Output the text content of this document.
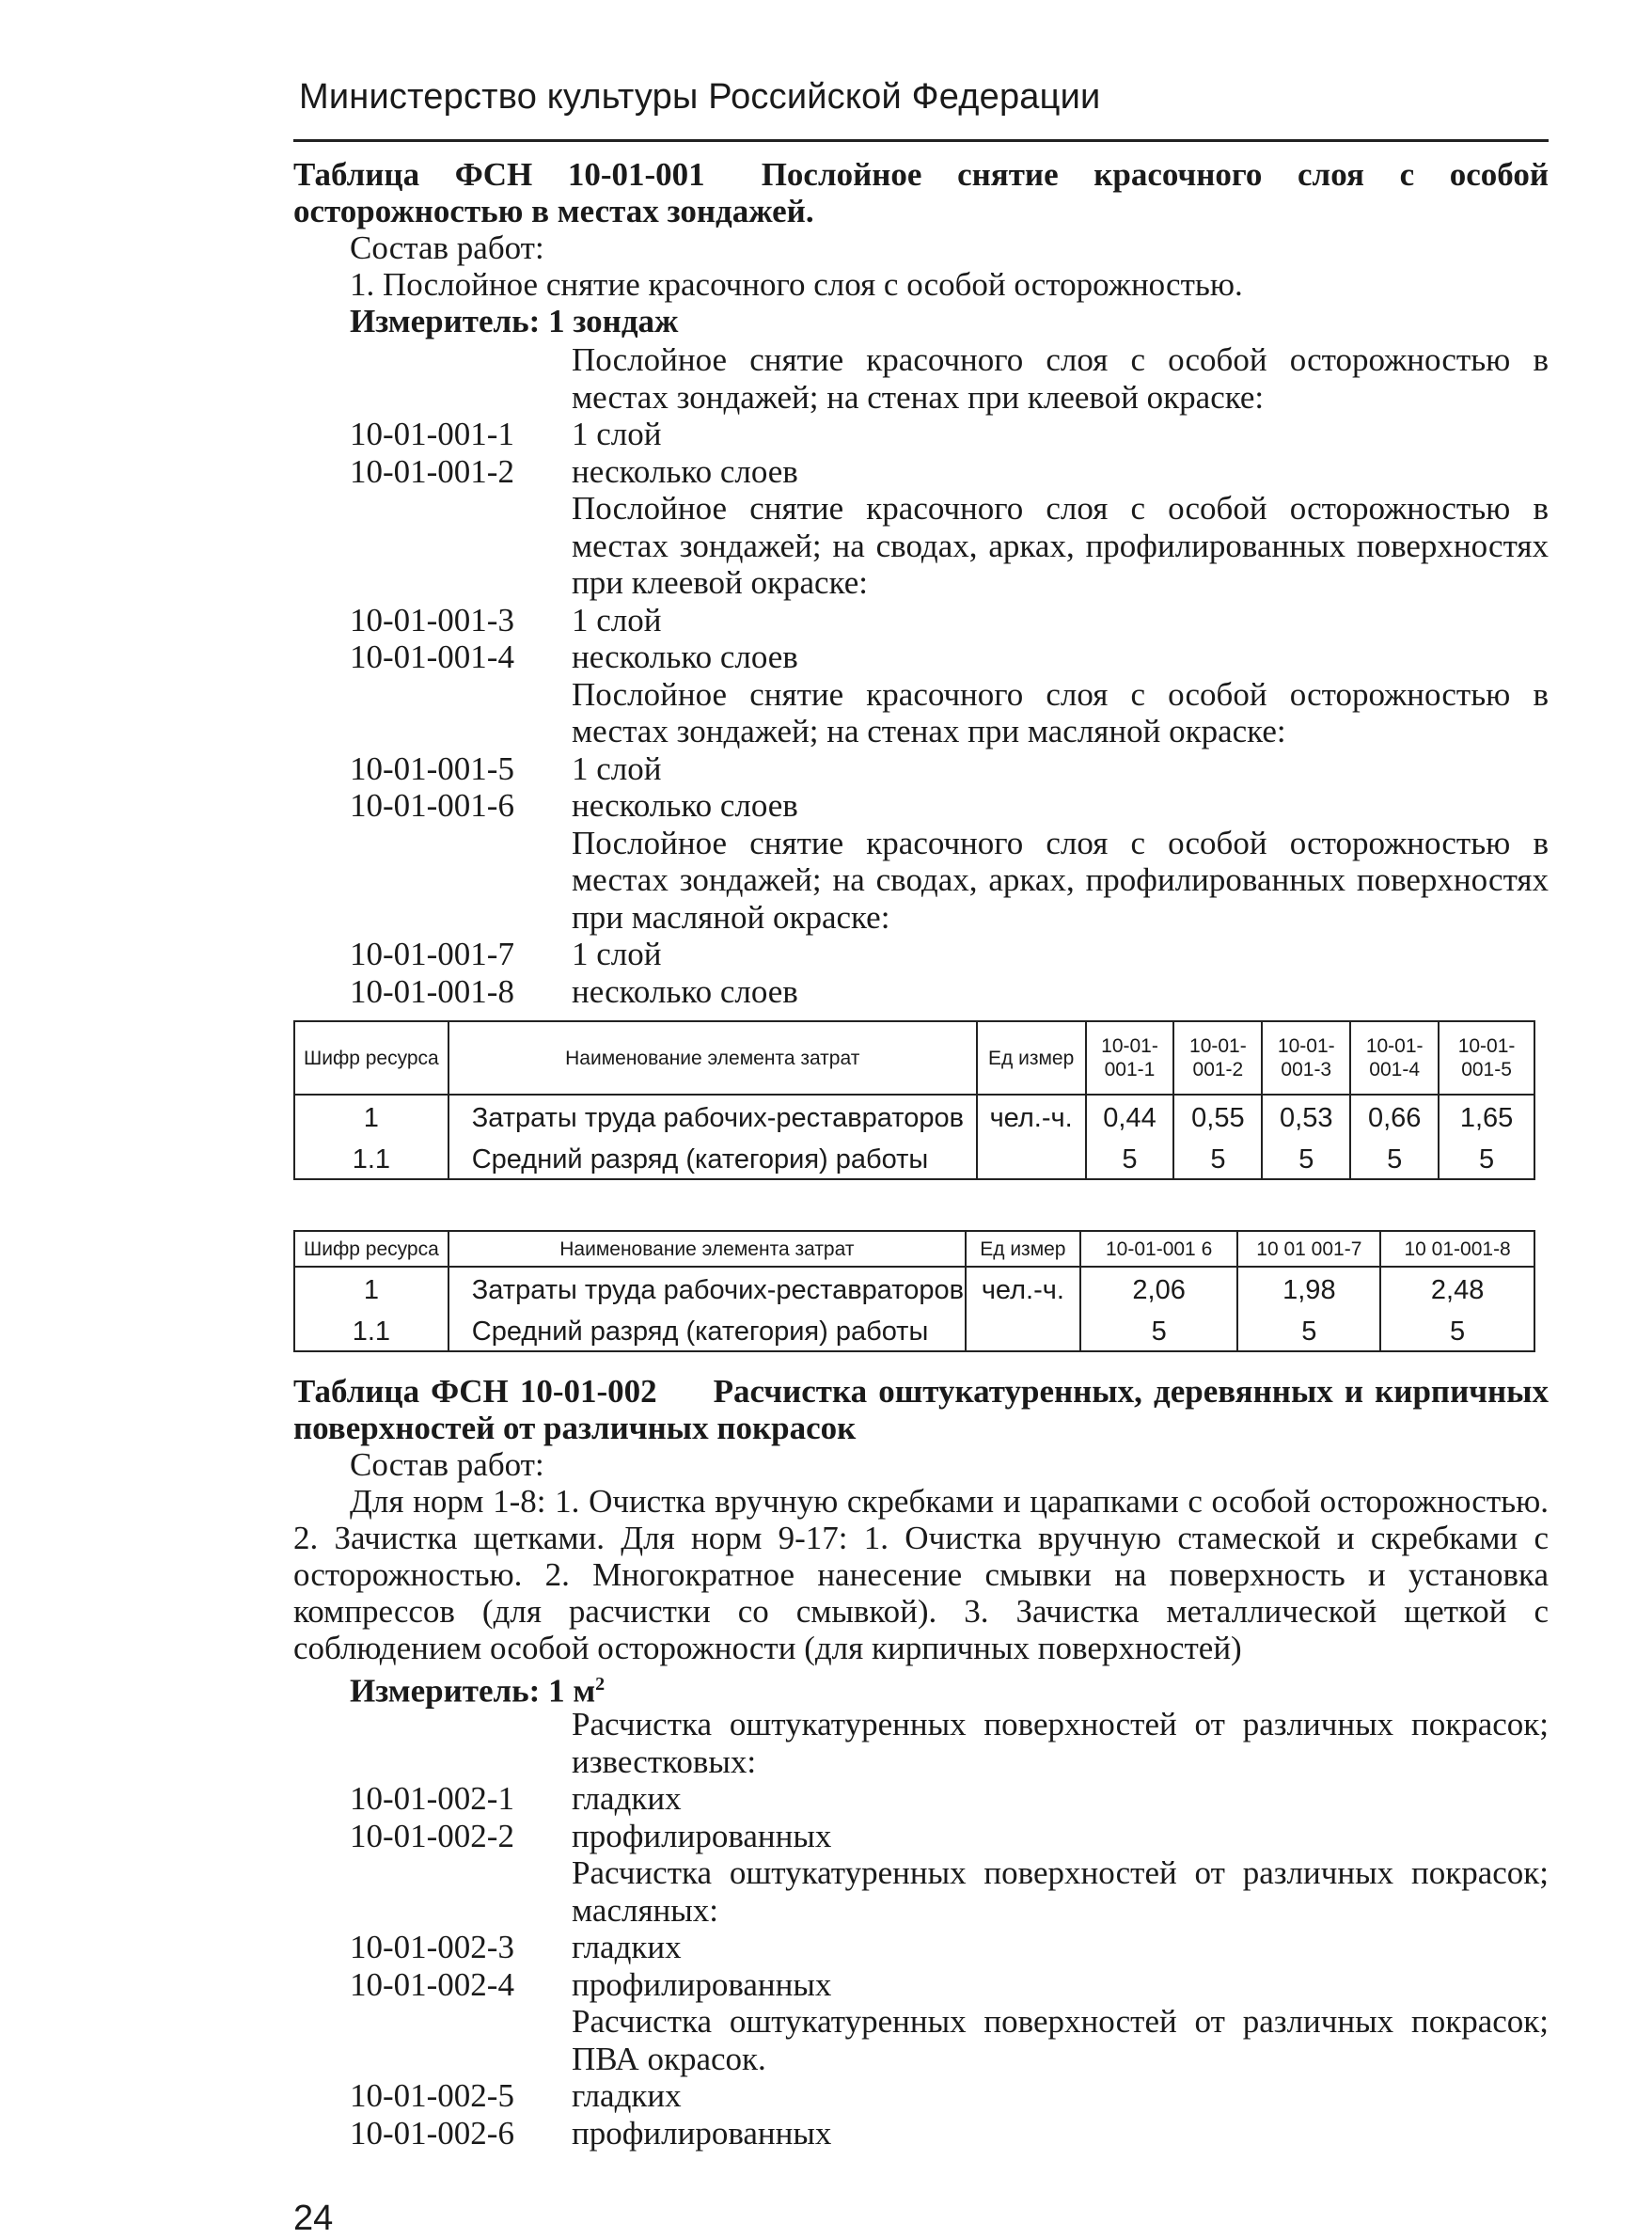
Министерство культуры Российской Федерации

Таблица ФСН 10-01-001 Послойное снятие красочного слоя с особой осторожностью в местах зондажей.

Состав работ:

1. Послойное снятие красочного слоя с особой осторожностью.

Измеритель: 1 зондаж

Послойное снятие красочного слоя с особой осторожностью в местах зондажей; на стенах при клеевой окраске:
10-01-001-1	1 слой
10-01-001-2	несколько слоев
Послойное снятие красочного слоя с особой осторожностью в местах зондажей; на сводах, арках, профилированных поверхностях при клеевой окраске:
10-01-001-3	1 слой
10-01-001-4	несколько слоев
Послойное снятие красочного слоя с особой осторожностью в местах зондажей; на стенах при масляной окраске:
10-01-001-5	1 слой
10-01-001-6	несколько слоев
Послойное снятие красочного слоя с особой осторожностью в местах зондажей; на сводах, арках, профилированных поверхностях при масляной окраске:
10-01-001-7	1 слой
10-01-001-8	несколько слоев
Шифр ресурса	Наименование элемента затрат	Ед измер	10-01-001-1	10-01-001-2	10-01-001-3	10-01-001-4	10-01-001-5
1	Затраты труда рабочих-реставраторов	чел.-ч.	0,44	0,55	0,53	0,66	1,65
1.1	Средний разряд (категория) работы		5	5	5	5	5
Шифр ресурса	Наименование элемента затрат	Ед измер	10-01-001 6	10 01 001-7	10 01-001-8
1	Затраты труда рабочих-реставраторов	чел.-ч.	2,06	1,98	2,48
1.1	Средний разряд (категория) работы		5	5	5

Таблица ФСН 10-01-002 Расчистка оштукатуренных, деревянных и кирпичных поверхностей от различных покрасок

Состав работ:

Для норм 1-8: 1. Очистка вручную скребками и царапками с особой осторожностью. 2. Зачистка щетками. Для норм 9-17: 1. Очистка вручную стамеской и скребками с осторожностью. 2. Многократное нанесение смывки на поверхность и установка компрессов (для расчистки со смывкой). 3. Зачистка металлической щеткой с соблюдением особой осторожности (для кирпичных поверхностей)

Измеритель: 1 $м^2$

Расчистка оштукатуренных поверхностей от различных покрасок; известковых:
10-01-002-1	гладких
10-01-002-2	профилированных
Расчистка оштукатуренных поверхностей от различных покрасок; масляных:
10-01-002-3	гладких
10-01-002-4	профилированных
Расчистка оштукатуренных поверхностей от различных покрасок; ПВА окрасок.
10-01-002-5	гладких
10-01-002-6	профилированных
24
